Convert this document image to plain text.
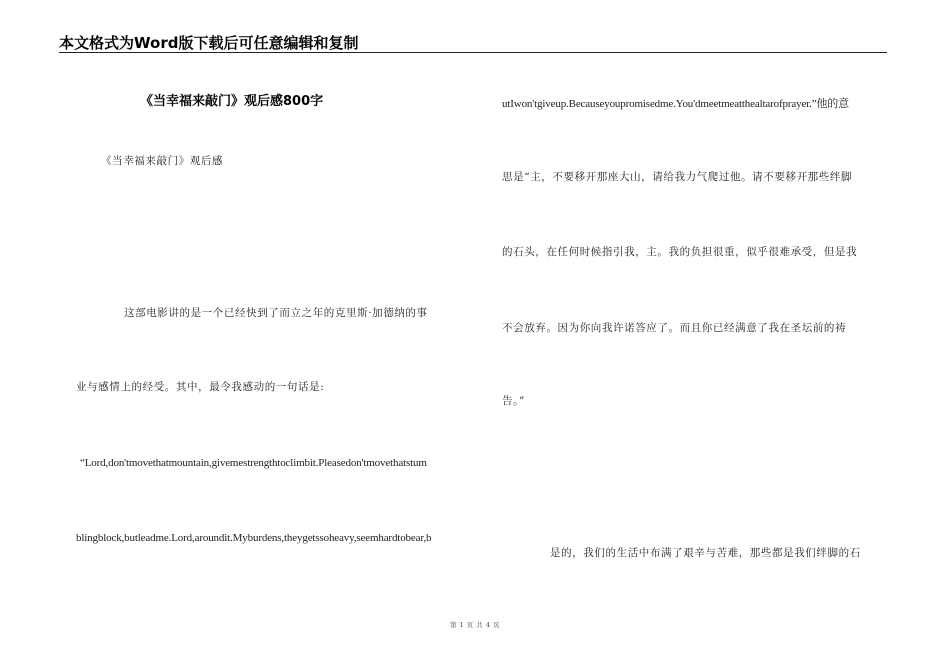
本文格式为Word版下载后可任意编辑和复制
《当幸福来敲门》观后感800字
《当幸福来敲门》观后感
这部电影讲的是一个已经快到了而立之年的克里斯·加德纳的事
业与感情上的经受。其中，最令我感动的一句话是:
“Lord,don'tmovethatmountain,givemestrengthtoclimbit.Pleasedon'tmovethatstum
blingblock,butleadme.Lord,aroundit.Myburdens,theygetssoheavy,seemhardtobear,b
utIwon'tgiveup.Becauseyoupromisedme.You'dmeetmeatthealtarofprayer.”他的意
思是“主，不要移开那座大山，请给我力气爬过他。请不要移开那些绊脚
的石头，在任何时候指引我，主。我的负担很重，似乎很难承受，但是我
不会放弃。因为你向我许诺答应了。而且你已经满意了我在圣坛前的祷
告。”
是的，我们的生活中布满了艰辛与苦难，那些都是我们绊脚的石
第 1 页 共 4 页
